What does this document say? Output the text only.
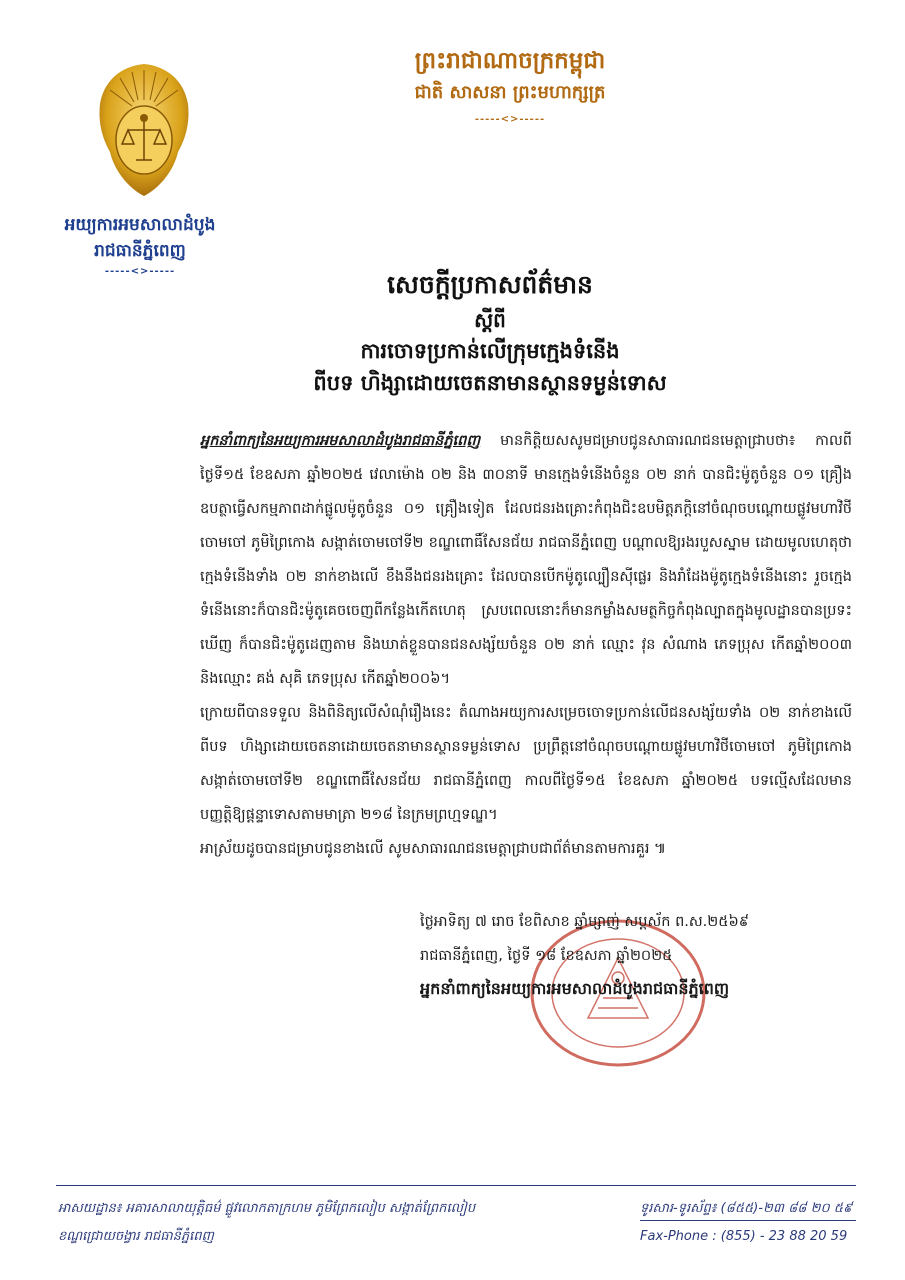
អយ្យការអមសាលាដំបូង
រាជធានីភ្នំពេញ
-----<>-----
ព្រះរាជាណាចក្រកម្ពុជា
ជាតិ សាសនា ព្រះមហាក្សត្រ
-----<>-----
សេចក្តីប្រកាសព័ត៌មាន
ស្តីពី
ការចោទប្រកាន់លើក្រុមក្មេងទំនើង
ពីបទ ហិង្សាដោយចេតនាមានស្ថានទម្ងន់ទោស

អ្នកនាំពាក្យនៃអយ្យការអមសាលាដំបូងរាជធានីភ្នំពេញ មានកិត្តិយសសូមជម្រាបជូនសាធារណជនមេត្តាជ្រាបថា៖ កាលពីថ្ងៃទី១៥ ខែឧសភា ឆ្នាំ២០២៥ វេលាម៉ោង ០២ និង ៣០នាទី មានក្មេងទំនើងចំនួន ០២ នាក់ បានជិះម៉ូតូចំនួន ០១ គ្រឿង ឧបត្ថាធ្វើសកម្មភាពដាក់ផ្លូលម៉ូតូចំនួន ០១ គ្រឿងទៀត ដែលជនរងគ្រោះកំពុងជិះឧបមិត្តភក្តិនៅចំណុចបណ្តោយផ្លូវមហាវិថីចោមចៅ ភូមិព្រៃកោង សង្កាត់ចោមចៅទី២ ខណ្ឌពោធិ៍សែនជ័យ រាជធានីភ្នំពេញ បណ្តាលឱ្យរងរបួសស្នាម ដោយមូលហេតុថាក្មេងទំនើងទាំង ០២ នាក់ខាងលើ ខឹងនឹងជនរងគ្រោះ ដែលបានបើកម៉ូតូល្បឿនស៊ីផ្លេរ និងរាំដែងម៉ូតូក្មេងទំនើងនោះ រួចក្មេងទំនើងនោះក៏បានជិះម៉ូតូគេចចេញពីកន្លែងកើតហេតុ ស្របពេលនោះក៏មានកម្លាំងសមត្ថកិច្ចកំពុងល្បាតក្នុងមូលដ្ឋានបានប្រទះឃើញ ក៏បានជិះម៉ូតូដេញតាម និងឃាត់ខ្លួនបានជនសង្ស័យចំនួន ០២ នាក់ ឈ្មោះ វុន សំណាង ភេទប្រុស កើតឆ្នាំ២០០៣ និងឈ្មោះ គង់ សុគិ ភេទប្រុស កើតឆ្នាំ២០០៦។

ក្រោយពីបានទទួល និងពិនិត្យលើសំណុំរឿងនេះ តំណាងអយ្យការសម្រេចចោទប្រកាន់លើជនសង្ស័យទាំង ០២ នាក់ខាងលើ ពីបទ ហិង្សាដោយចេតនាដោយចេតនាមានស្ថានទម្ងន់ទោស ប្រព្រឹត្តនៅចំណុចបណ្តោយផ្លូវមហាវិថីចោមចៅ ភូមិព្រៃកោង សង្កាត់ចោមចៅទី២ ខណ្ឌពោធិ៍សែនជ័យ រាជធានីភ្នំពេញ កាលពីថ្ងៃទី១៥ ខែឧសភា ឆ្នាំ២០២៥ បទល្មើសដែលមានបញ្ញត្តិឱ្យផ្តន្ទាទោសតាមមាត្រា ២១៨ នៃក្រមព្រហ្មទណ្ឌ។

អាស្រ័យដូចបានជម្រាបជូនខាងលើ សូមសាធារណជនមេត្តាជ្រាបជាព័ត៌មានតាមការគួរ ៕

ថ្ងៃអាទិត្យ ៧ រោច ខែពិសាខ ឆ្នាំម្សាញ់ សប្តស័ក ព.ស.២៥៦៩
រាជធានីភ្នំពេញ, ថ្ងៃទី ១៨ ខែឧសភា ឆ្នាំ២០២៥
អ្នកនាំពាក្យនៃអយ្យការអមសាលាដំបូងរាជធានីភ្នំពេញ
អាសយដ្ឋាន៖ អគារសាលាយុត្តិធម៌ ផ្លូវលោកតាក្រហម ភូមិព្រែកលៀប សង្កាត់ព្រែកលៀប
ខណ្ឌជ្រោយចង្វារ រាជធានីភ្នំពេញ
ទូរសារ-ទូរស័ព្ទ៖ (៨៥៥)-២៣ ៨៨ ២០ ៥៩
Fax-Phone : (855) - 23 88 20 59
